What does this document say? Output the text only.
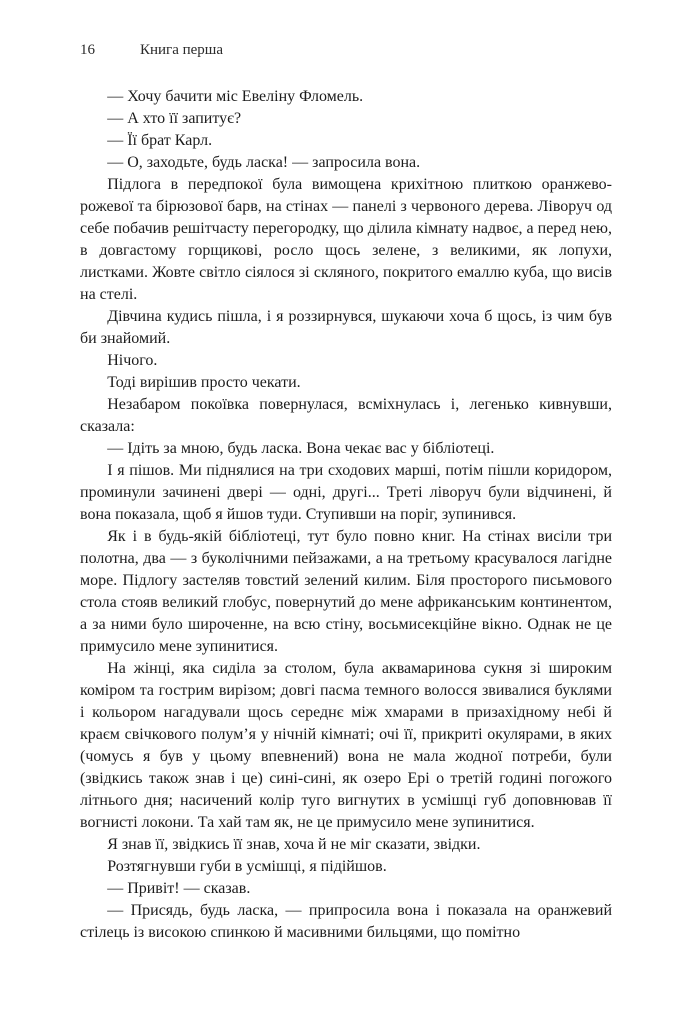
16	Книга перша

— Хочу бачити міс Евеліну Фломель.

— А хто її запитує?

— Її брат Карл.

— О, заходьте, будь ласка! — запросила вона.

Підлога в передпокої була вимощена крихітною плиткою оранжево-рожевої та бірюзової барв, на стінах — панелі з червоного дерева. Ліворуч од себе побачив решітчасту перегородку, що ділила кімнату надвоє, а перед нею, в довгастому горщикові, росло щось зелене, з великими, як лопухи, листками. Жовте світло сіялося зі скляного, покритого емаллю куба, що висів на стелі.

Дівчина кудись пішла, і я роззирнувся, шукаючи хоча б щось, із чим був би знайомий.

Нічого.

Тоді вирішив просто чекати.

Незабаром покоївка повернулася, всміхнулась і, легенько кивнувши, сказала:

— Ідіть за мною, будь ласка. Вона чекає вас у бібліотеці.

І я пішов. Ми піднялися на три сходових марші, потім пішли коридором, проминули зачинені двері — одні, другі... Треті ліворуч були відчинені, й вона показала, щоб я йшов туди. Ступивши на поріг, зупинився.

Як і в будь-якій бібліотеці, тут було повно книг. На стінах висіли три полотна, два — з буколічними пейзажами, а на третьому красувалося лагідне море. Підлогу застеляв товстий зелений килим. Біля просторого письмового стола стояв великий глобус, повернутий до мене африканським континентом, а за ними було широченне, на всю стіну, восьмисекційне вікно. Однак не це примусило мене зупинитися.

На жінці, яка сиділа за столом, була аквамаринова сукня зі широким коміром та гострим вирізом; довгі пасма темного волосся звивалися буклями і кольором нагадували щось середнє між хмарами в призахідному небі й краєм свічкового полум’я у нічній кімнаті; очі її, прикриті окулярами, в яких (чомусь я був у цьому впевнений) вона не мала жодної потреби, були (звідкись також знав і це) сині-сині, як озеро Ері о третій годині погожого літнього дня; насичений колір туго вигнутих в усмішці губ доповнював її вогнисті локони. Та хай там як, не це примусило мене зупинитися.

Я знав її, звідкись її знав, хоча й не міг сказати, звідки.

Розтягнувши губи в усмішці, я підійшов.

— Привіт! — сказав.

— Присядь, будь ласка, — припросила вона і показала на оранжевий стілець із високою спинкою й масивними бильцями, що помітно
